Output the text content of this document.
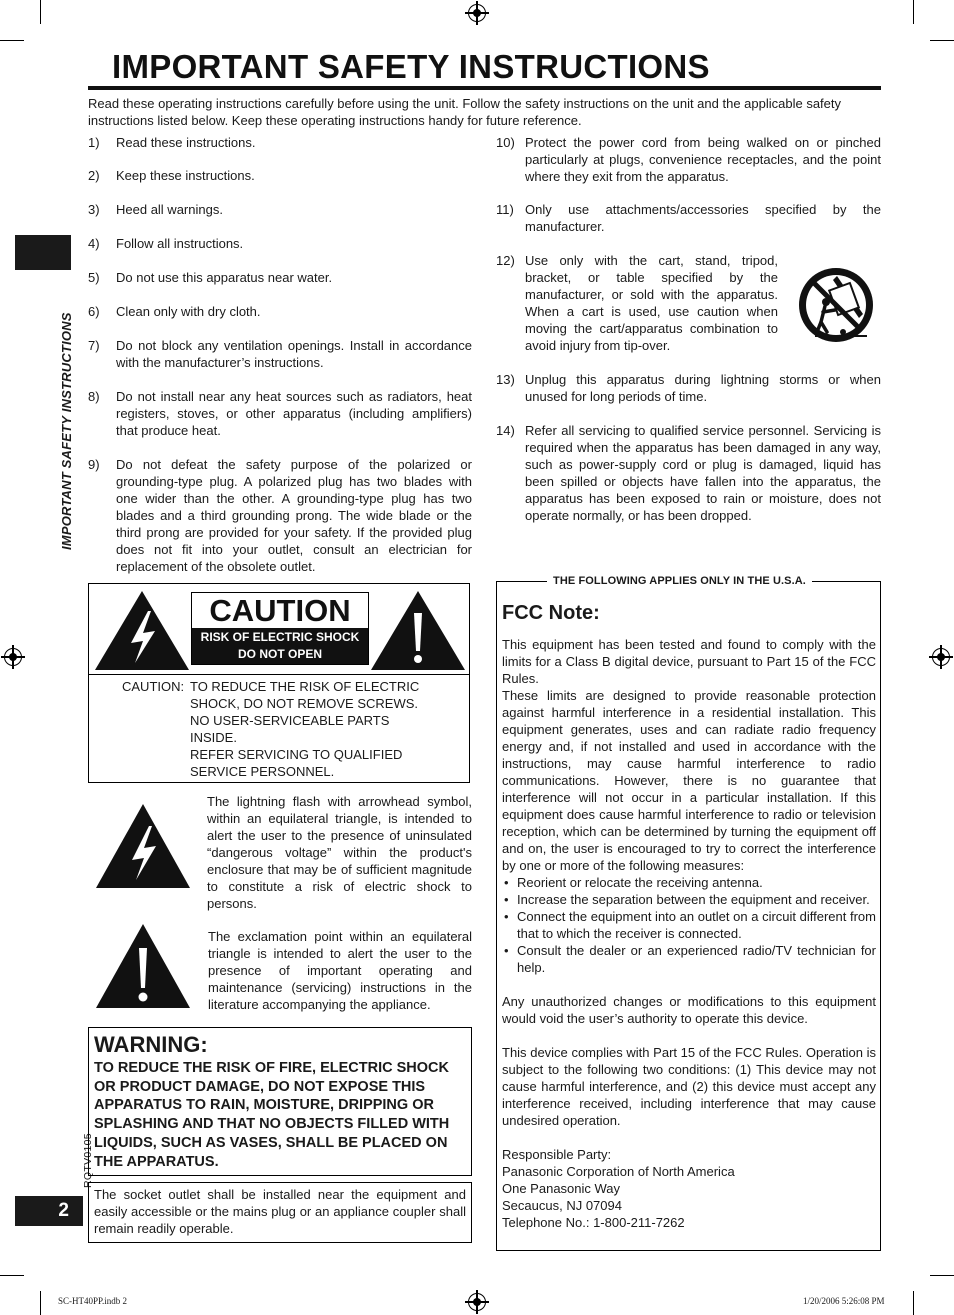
IMPORTANT SAFETY INSTRUCTIONS
Read these operating instructions carefully before using the unit. Follow the safety instructions on the unit and the applicable safety instructions listed below. Keep these operating instructions handy for future reference.
IMPORTANT SAFETY INSTRUCTIONS
RQTV0105
2
1) Read these instructions.
2) Keep these instructions.
3) Heed all warnings.
4) Follow all instructions.
5) Do not use this apparatus near water.
6) Clean only with dry cloth.
7) Do not block any ventilation openings. Install in accordance with the manufacturer’s instructions.
8) Do not install near any heat sources such as radiators, heat registers, stoves, or other apparatus (including amplifiers) that produce heat.
9) Do not defeat the safety purpose of the polarized or grounding-type plug. A polarized plug has two blades with one wider than the other. A grounding-type plug has two blades and a third grounding prong. The wide blade or the third prong are provided for your safety. If the provided plug does not fit into your outlet, consult an electrician for replacement of the obsolete outlet.
10) Protect the power cord from being walked on or pinched particularly at plugs, convenience receptacles, and the point where they exit from the apparatus.
11) Only use attachments/accessories specified by the manufacturer.
12) Use only with the cart, stand, tripod, bracket, or table specified by the manufacturer, or sold with the apparatus. When a cart is used, use caution when moving the cart/apparatus combination to avoid injury from tip-over.
13) Unplug this apparatus during lightning storms or when unused for long periods of time.
14) Refer all servicing to qualified service personnel. Servicing is required when the apparatus has been damaged in any way, such as power-supply cord or plug is damaged, liquid has been spilled or objects have fallen into the apparatus, the apparatus has been exposed to rain or moisture, does not operate normally, or has been dropped.
CAUTION
RISK OF ELECTRIC SHOCK
DO NOT OPEN
CAUTION: TO REDUCE THE RISK OF ELECTRIC
SHOCK, DO NOT REMOVE SCREWS.
NO USER-SERVICEABLE PARTS
INSIDE.
REFER SERVICING TO QUALIFIED
SERVICE PERSONNEL.
The lightning flash with arrowhead symbol, within an equilateral triangle, is intended to alert the user to the presence of uninsulated “dangerous voltage” within the product's enclosure that may be of sufficient magnitude to constitute a risk of electric shock to persons.
The exclamation point within an equilateral triangle is intended to alert the user to the presence of important operating and maintenance (servicing) instructions in the literature accompanying the appliance.
WARNING:
TO REDUCE THE RISK OF FIRE, ELECTRIC SHOCK OR PRODUCT DAMAGE, DO NOT EXPOSE THIS APPARATUS TO RAIN, MOISTURE, DRIPPING OR SPLASHING AND THAT NO OBJECTS FILLED WITH LIQUIDS, SUCH AS VASES, SHALL BE PLACED ON THE APPARATUS.
The socket outlet shall be installed near the equipment and easily accessible or the mains plug or an appliance coupler shall remain readily operable.
THE FOLLOWING APPLIES ONLY IN THE U.S.A.
FCC Note:

This equipment has been tested and found to comply with the limits for a Class B digital device, pursuant to Part 15 of the FCC Rules.

These limits are designed to provide reasonable protection against harmful interference in a residential installation. This equipment generates, uses and can radiate radio frequency energy and, if not installed and used in accordance with the instructions, may cause harmful interference to radio communications. However, there is no guarantee that interference will not occur in a particular installation. If this equipment does cause harmful interference to radio or television reception, which can be determined by turning the equipment off and on, the user is encouraged to try to correct the interference by one or more of the following measures:

• Reorient or relocate the receiving antenna.
• Increase the separation between the equipment and receiver.
• Connect the equipment into an outlet on a circuit different from that to which the receiver is connected.
• Consult the dealer or an experienced radio/TV technician for help.

Any unauthorized changes or modifications to this equipment would void the user’s authority to operate this device.

This device complies with Part 15 of the FCC Rules. Operation is subject to the following two conditions: (1) This device may not cause harmful interference, and (2) this device must accept any interference received, including interference that may cause undesired operation.

Responsible Party:
Panasonic Corporation of North America
One Panasonic Way
Secaucus, NJ 07094
Telephone No.: 1-800-211-7262
SC-HT40PP.indb 2	1/20/2006 5:26:08 PM
